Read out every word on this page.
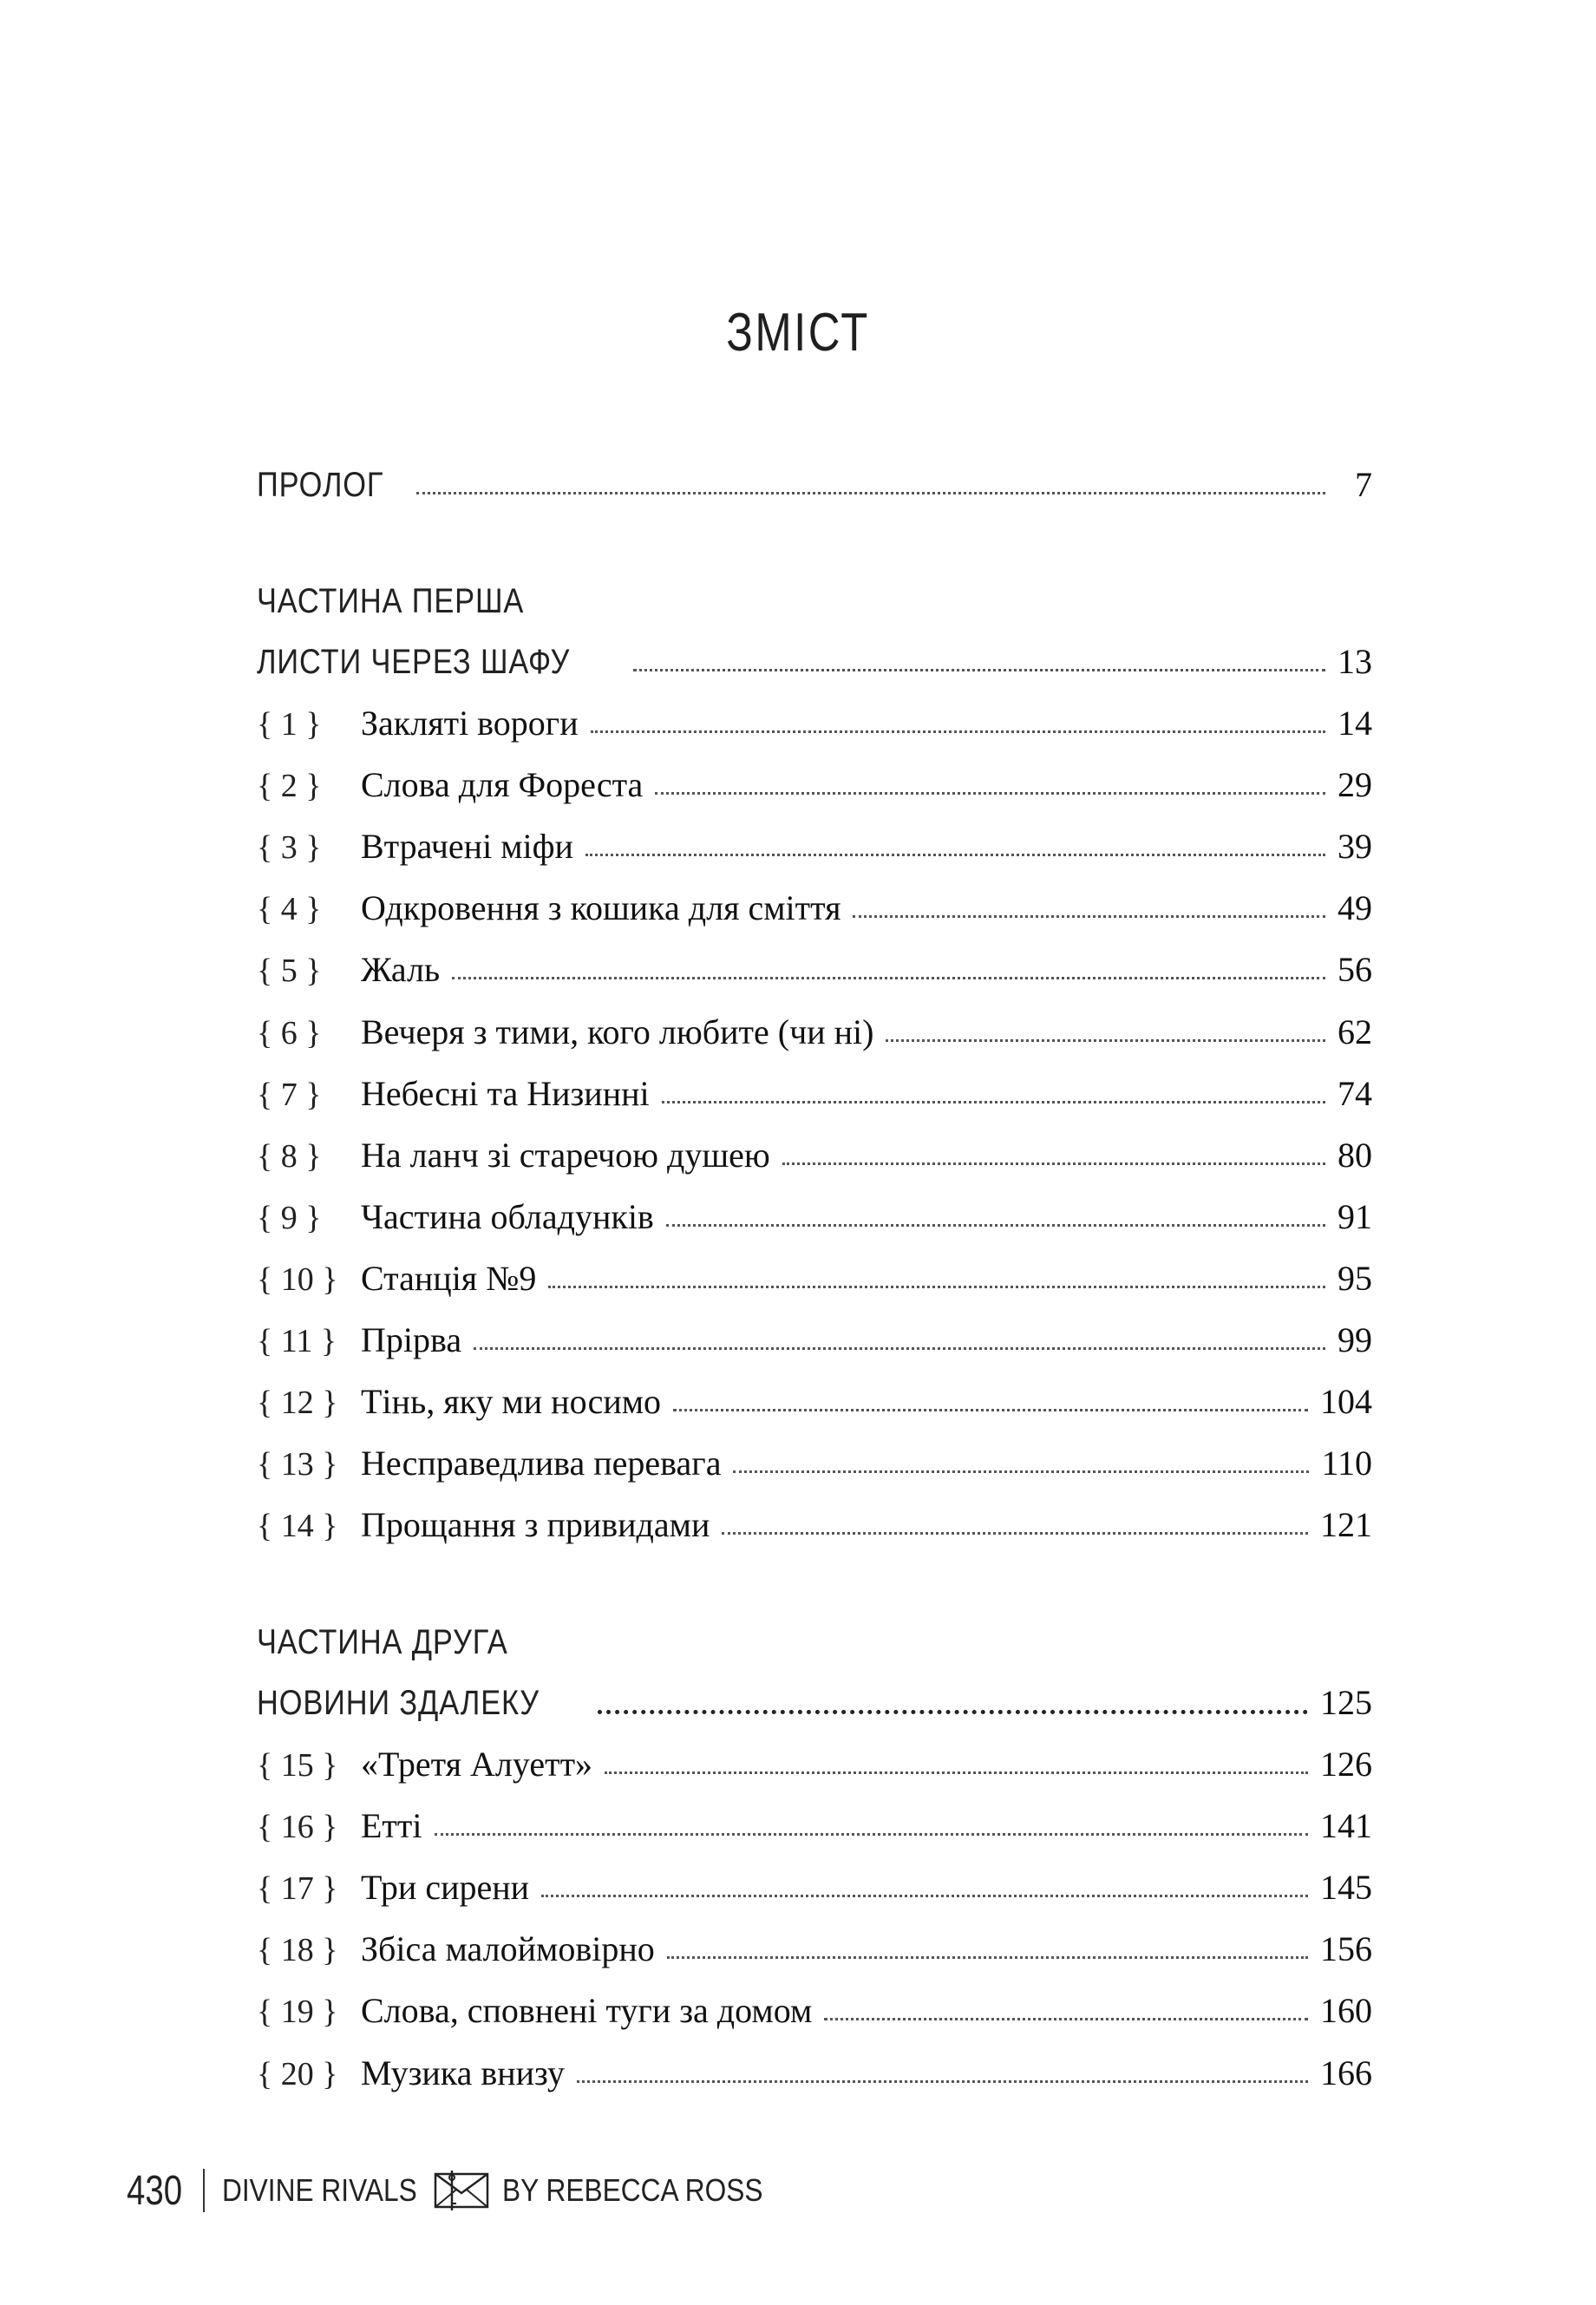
ЗМІСТ
ПРОЛОГ	7
ЧАСТИНА ПЕРША
ЛИСТИ ЧЕРЕЗ ШАФУ	13
{ 1 }	Закляті вороги	14
{ 2 }	Слова для Фореста	29
{ 3 }	Втрачені міфи	39
{ 4 }	Одкровення з кошика для сміття	49
{ 5 }	Жаль	56
{ 6 }	Вечеря з тими, кого любите (чи ні)	62
{ 7 }	Небесні та Низинні	74
{ 8 }	На ланч зі старечою душею	80
{ 9 }	Частина обладунків	91
{ 10 } Станція №9	95
{ 11 } Прірва	99
{ 12 } Тінь, яку ми носимо	104
{ 13 } Несправедлива перевага	110
{ 14 } Прощання з привидами	121
ЧАСТИНА ДРУГА
НОВИНИ ЗДАЛЕКУ	125
{ 15 } «Третя Алуетт»	126
{ 16 } Етті	141
{ 17 } Три сирени	145
{ 18 } Збіса малоймовірно	156
{ 19 } Слова, сповнені туги за домом	160
{ 20 } Музика внизу	166
430 DIVINE RIVALS	BY REBECCA ROSS
